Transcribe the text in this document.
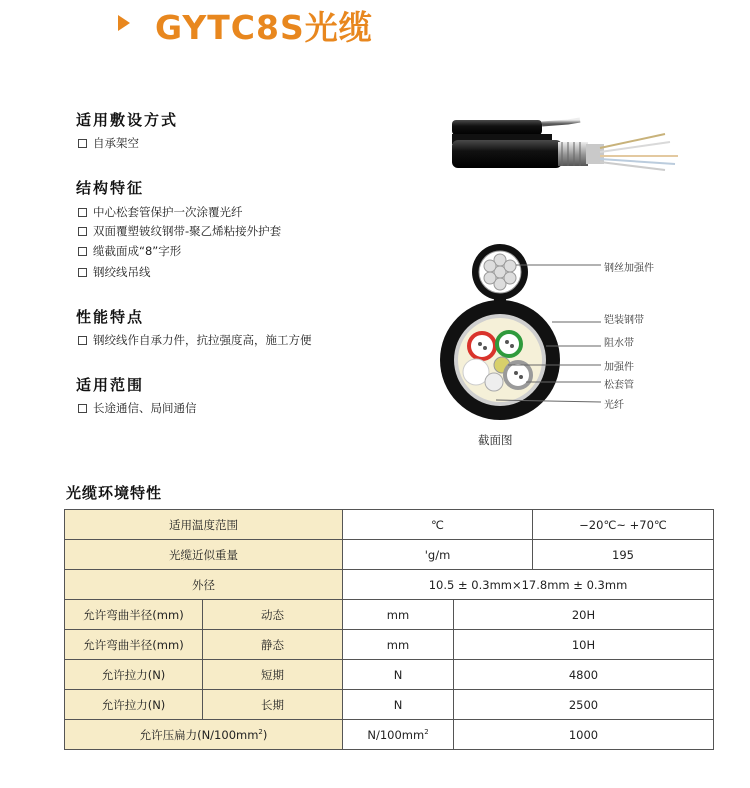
GYTC8S光缆
适用敷设方式
自承架空
结构特征
中心松套管保护一次涂覆光纤
双面覆塑铍纹钢带-聚乙烯粘接外护套
缆截面成“8”字形
钢绞线吊线
性能特点
钢绞线作自承力件，抗拉强度高，施工方便
适用范围
长途通信、局间通信
钢丝加强件
铠装钢带
阻水带
加强件
松套管
光纤
截面图
光缆环境特性
适用温度范围		℃		−20℃~ +70℃
光缆近似重量		'g/m		195
外径		10.5 ± 0.3mm×17.8mm ± 0.3mm		
允许弯曲半径(mm)	动态	mm	20H	
允许弯曲半径(mm)	静态	mm	10H	
允许拉力(N)	短期	N	4800	
允许拉力(N)	长期	N	2500	
允许压扁力$(N/100mm^2)$		$N/100mm^2$	1000	
